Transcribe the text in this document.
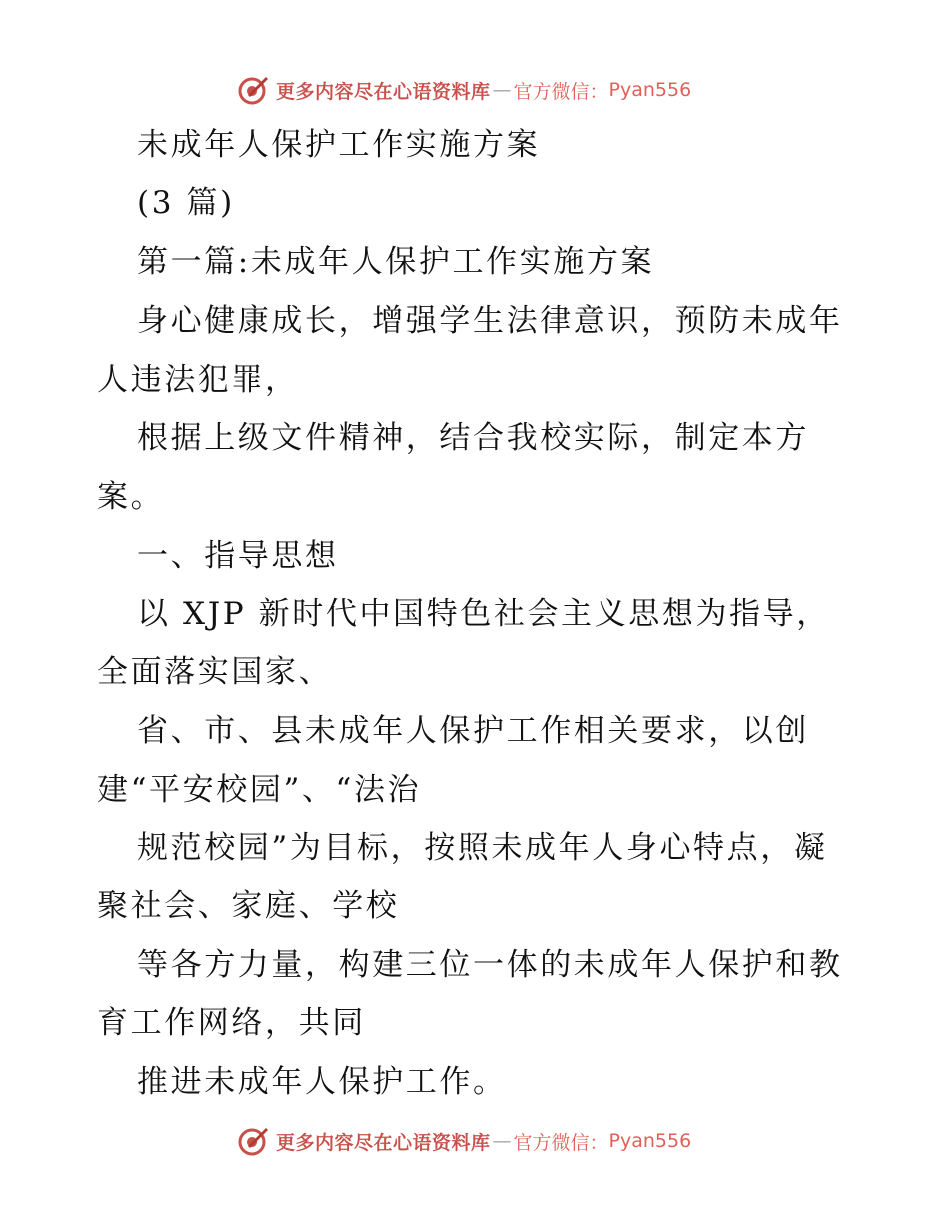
更多内容尽在心语资料库 — 官方微信： Pyan556
未成年人保护工作实施方案
(3 篇)
第一篇:未成年人保护工作实施方案
身心健康成长，增强学生法律意识，预防未成年
人违法犯罪，
根据上级文件精神，结合我校实际，制定本方
案。
一、指导思想
以 XJP 新时代中国特色社会主义思想为指导，
全面落实国家、
省、市、县未成年人保护工作相关要求，以创
建“平安校园”、“法治
规范校园”为目标，按照未成年人身心特点，凝
聚社会、家庭、学校
等各方力量，构建三位一体的未成年人保护和教
育工作网络，共同
推进未成年人保护工作。
更多内容尽在心语资料库 — 官方微信： Pyan556
